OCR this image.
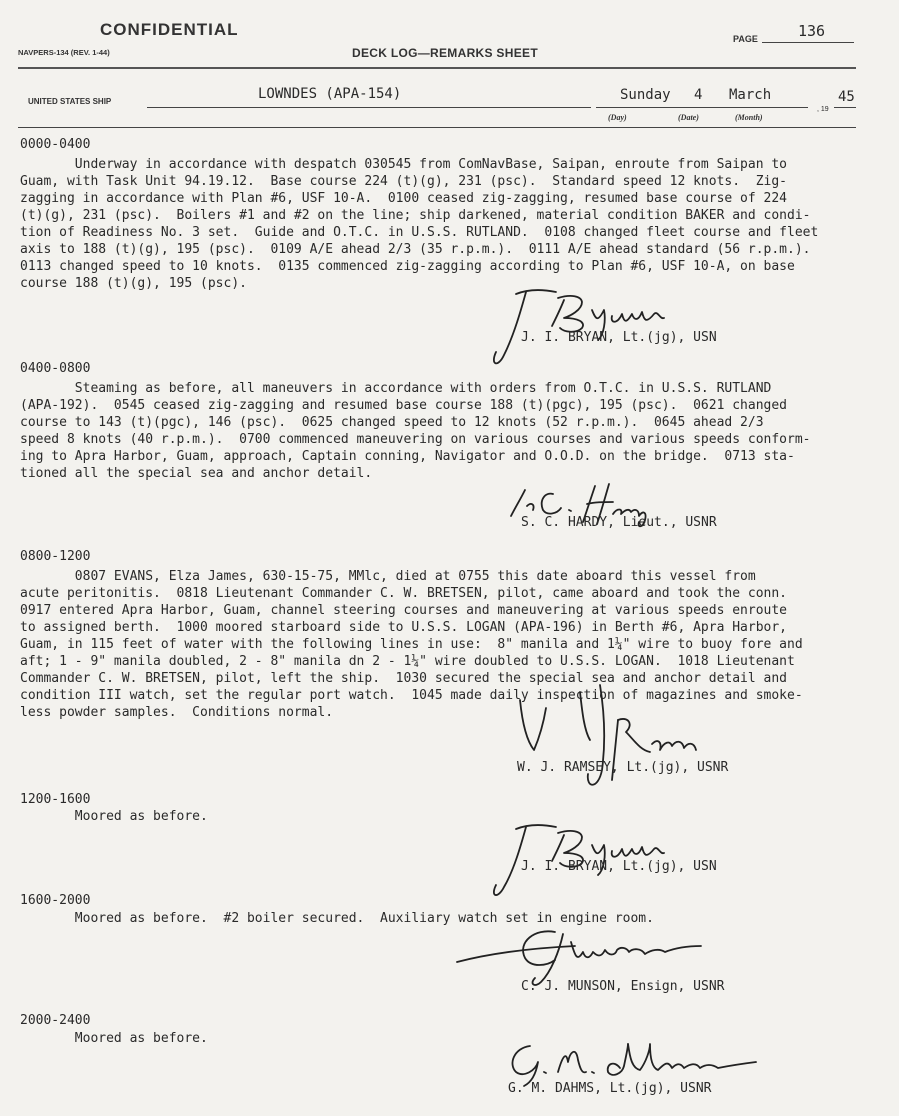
CONFIDENTIAL
NAVPERS-134 (REV. 1-44)	DECK LOG—REMARKS SHEET
PAGE	136
UNITED STATES SHIP	LOWNDES (APA-154)	Sunday 4 March
, 19
45
(Day)	(Date)	(Month)
0000-0400
Underway in accordance with despatch 030545 from ComNavBase, Saipan, enroute from Saipan to
Guam, with Task Unit 94.19.12.  Base course 224 (t)(g), 231 (psc).  Standard speed 12 knots.  Zig-
zagging in accordance with Plan #6, USF 10-A.  0100 ceased zig-zagging, resumed base course of 224
(t)(g), 231 (psc).  Boilers #1 and #2 on the line; ship darkened, material condition BAKER and condi-
tion of Readiness No. 3 set.  Guide and O.T.C. in U.S.S. RUTLAND.  0108 changed fleet course and fleet
axis to 188 (t)(g), 195 (psc).  0109 A/E ahead 2/3 (35 r.p.m.).  0111 A/E ahead standard (56 r.p.m.).
0113 changed speed to 10 knots.  0135 commenced zig-zagging according to Plan #6, USF 10-A, on base
course 188 (t)(g), 195 (psc).
J. I. BRYAN, Lt.(jg), USN
0400-0800
Steaming as before, all maneuvers in accordance with orders from O.T.C. in U.S.S. RUTLAND
(APA-192).  0545 ceased zig-zagging and resumed base course 188 (t)(pgc), 195 (psc).  0621 changed
course to 143 (t)(pgc), 146 (psc).  0625 changed speed to 12 knots (52 r.p.m.).  0645 ahead 2/3
speed 8 knots (40 r.p.m.).  0700 commenced maneuvering on various courses and various speeds conform-
ing to Apra Harbor, Guam, approach, Captain conning, Navigator and O.O.D. on the bridge.  0713 sta-
tioned all the special sea and anchor detail.
S. C. HARDY, Lieut., USNR
0800-1200
0807 EVANS, Elza James, 630-15-75, MMlc, died at 0755 this date aboard this vessel from
acute peritonitis.  0818 Lieutenant Commander C. W. BRETSEN, pilot, came aboard and took the conn.
0917 entered Apra Harbor, Guam, channel steering courses and maneuvering at various speeds enroute
to assigned berth.  1000 moored starboard side to U.S.S. LOGAN (APA-196) in Berth #6, Apra Harbor,
Guam, in 115 feet of water with the following lines in use:  8" manila and 1¼" wire to buoy fore and
aft; 1 - 9" manila doubled, 2 - 8" manila dn 2 - 1¼" wire doubled to U.S.S. LOGAN.  1018 Lieutenant
Commander C. W. BRETSEN, pilot, left the ship.  1030 secured the special sea and anchor detail and
condition III watch, set the regular port watch.  1045 made daily inspection of magazines and smoke-
less powder samples.  Conditions normal.
W. J. RAMSEY, Lt.(jg), USNR
1200-1600
Moored as before.
J. I. BRYAN, Lt.(jg), USN
1600-2000
Moored as before.  #2 boiler secured.  Auxiliary watch set in engine room.
C. J. MUNSON, Ensign, USNR
2000-2400
Moored as before.
G. M. DAHMS, Lt.(jg), USNR
